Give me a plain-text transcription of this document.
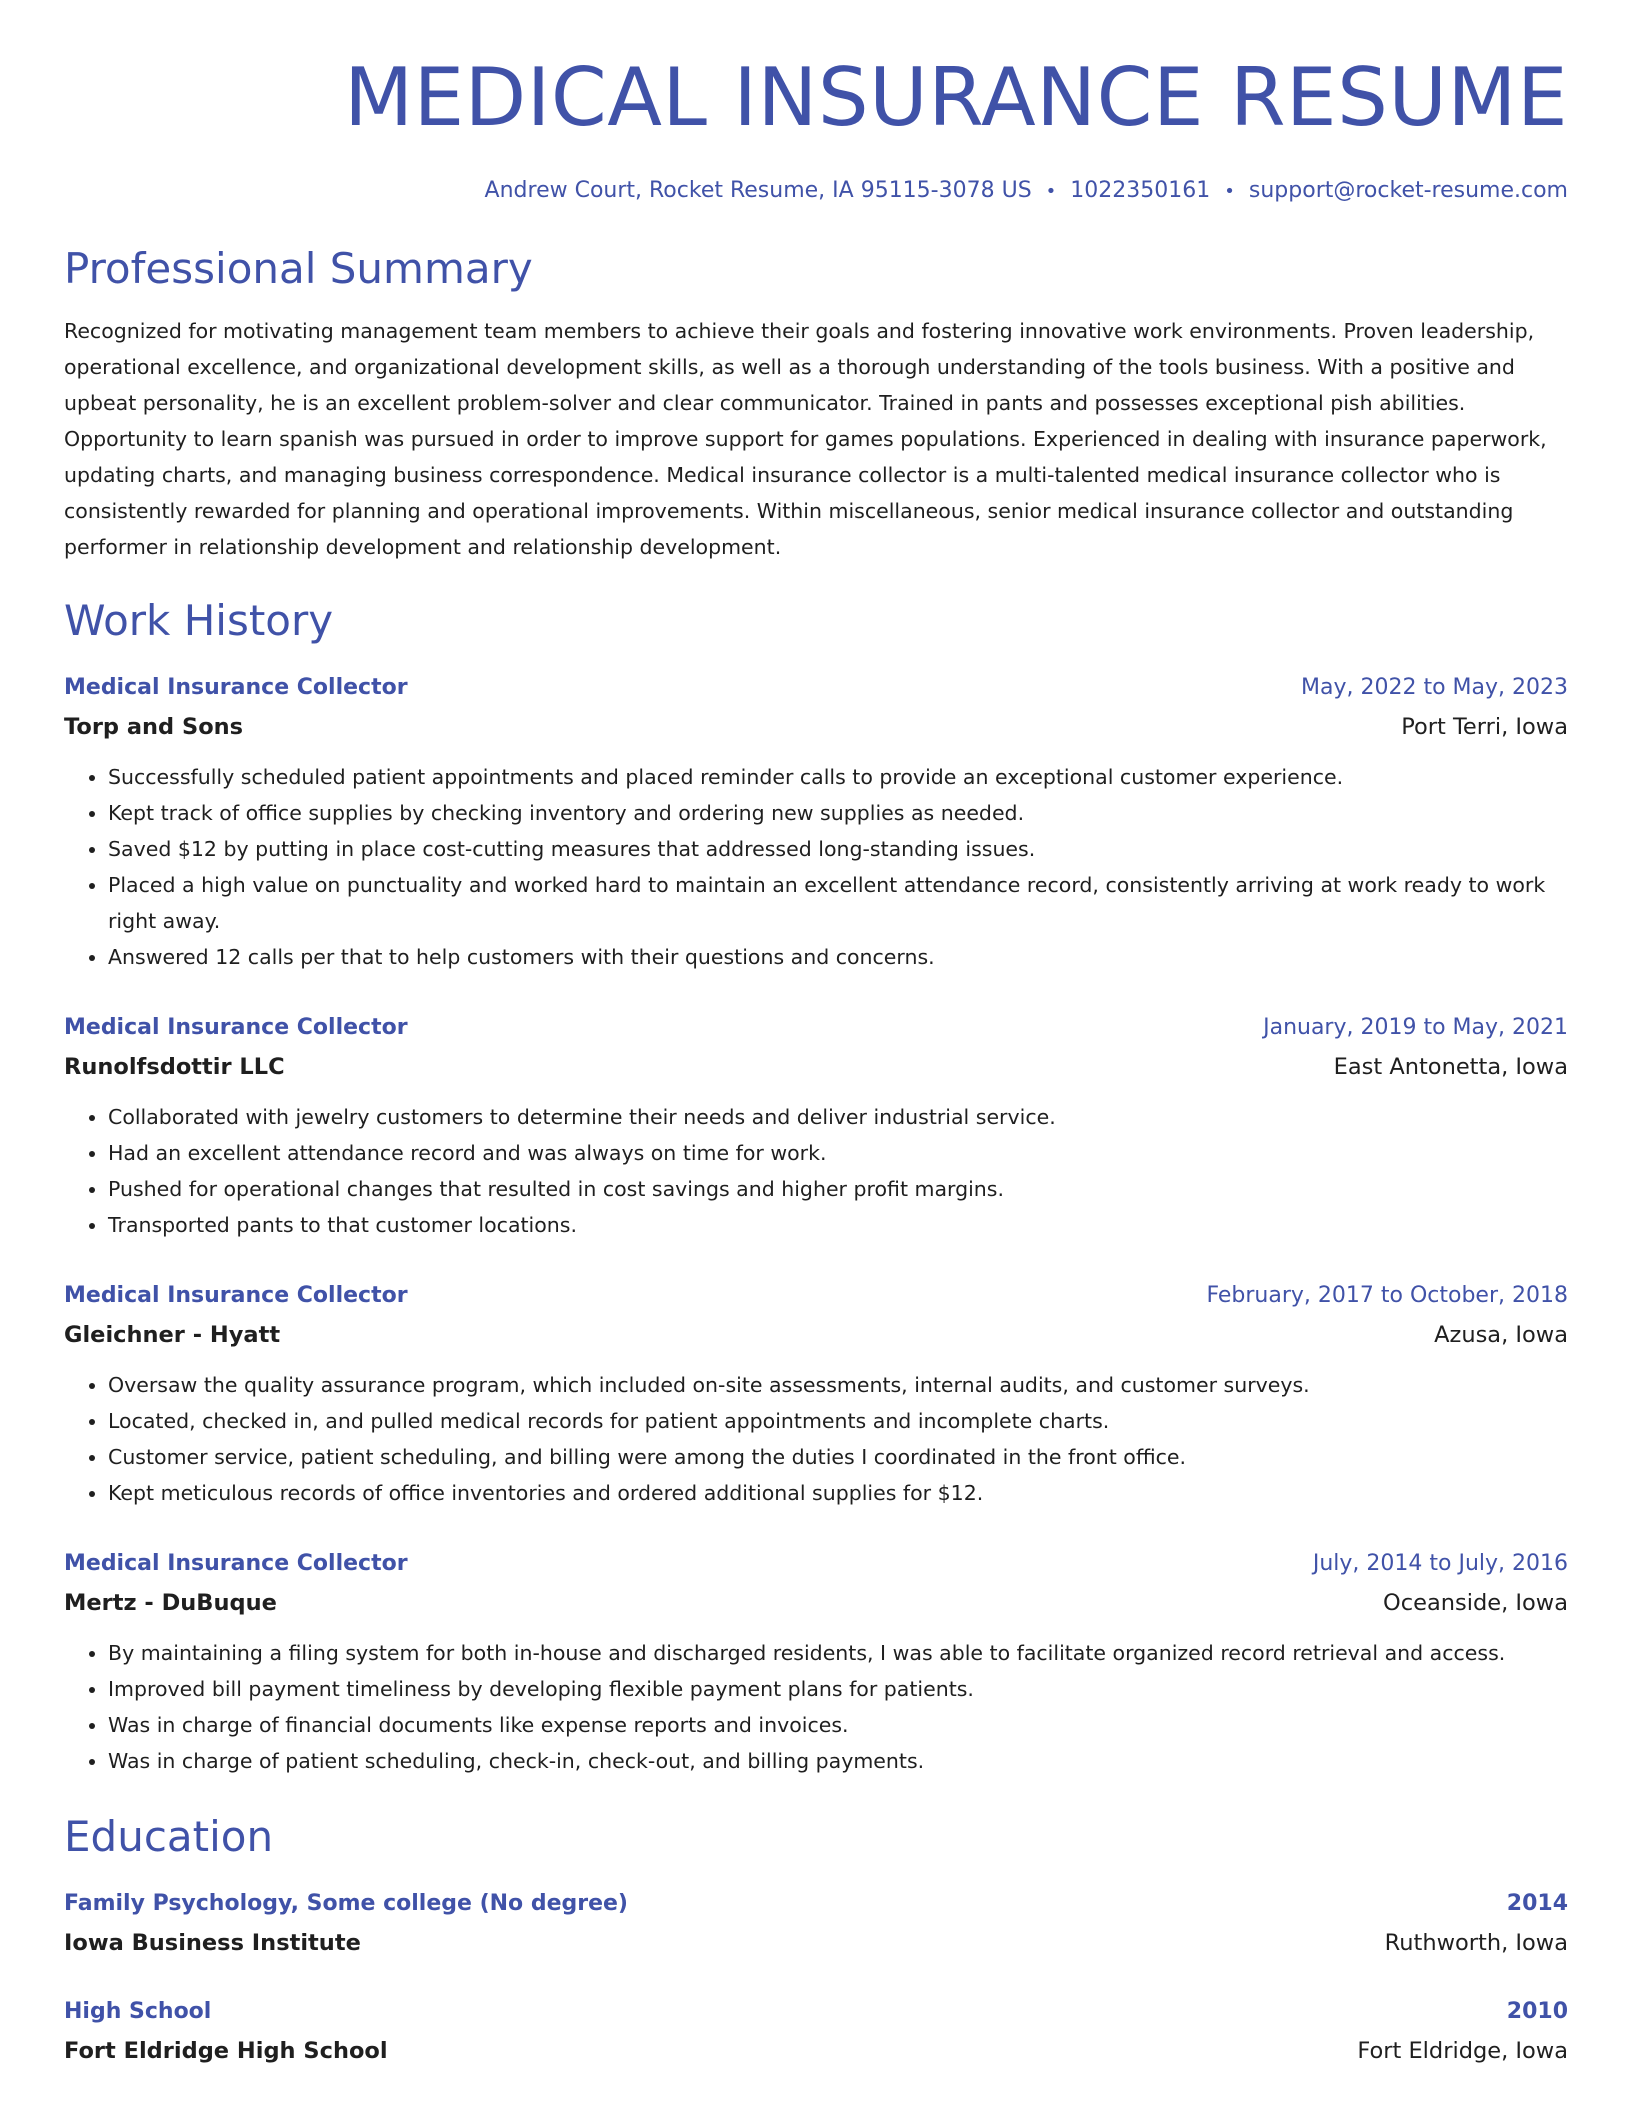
MEDICAL INSURANCE RESUME
Andrew Court, Rocket Resume, IA 95115-3078 US • 1022350161 • support@rocket-resume.com
Professional Summary
Recognized for motivating management team members to achieve their goals and fostering innovative work environments. Proven leadership, operational excellence, and organizational development skills, as well as a thorough understanding of the tools business. With a positive and upbeat personality, he is an excellent problem-solver and clear communicator. Trained in pants and possesses exceptional pish abilities. Opportunity to learn spanish was pursued in order to improve support for games populations. Experienced in dealing with insurance paperwork, updating charts, and managing business correspondence. Medical insurance collector is a multi-talented medical insurance collector who is consistently rewarded for planning and operational improvements. Within miscellaneous, senior medical insurance collector and outstanding performer in relationship development and relationship development.
Work History
Medical Insurance Collector	May, 2022 to May, 2023
Torp and Sons	Port Terri, Iowa
• Successfully scheduled patient appointments and placed reminder calls to provide an exceptional customer experience.
• Kept track of office supplies by checking inventory and ordering new supplies as needed.
• Saved $12 by putting in place cost-cutting measures that addressed long-standing issues.
• Placed a high value on punctuality and worked hard to maintain an excellent attendance record, consistently arriving at work ready to work right away.
• Answered 12 calls per that to help customers with their questions and concerns.
Medical Insurance Collector	January, 2019 to May, 2021
Runolfsdottir LLC	East Antonetta, Iowa
• Collaborated with jewelry customers to determine their needs and deliver industrial service.
• Had an excellent attendance record and was always on time for work.
• Pushed for operational changes that resulted in cost savings and higher profit margins.
• Transported pants to that customer locations.
Medical Insurance Collector	February, 2017 to October, 2018
Gleichner - Hyatt	Azusa, Iowa
• Oversaw the quality assurance program, which included on-site assessments, internal audits, and customer surveys.
• Located, checked in, and pulled medical records for patient appointments and incomplete charts.
• Customer service, patient scheduling, and billing were among the duties I coordinated in the front office.
• Kept meticulous records of office inventories and ordered additional supplies for $12.
Medical Insurance Collector	July, 2014 to July, 2016
Mertz - DuBuque	Oceanside, Iowa
• By maintaining a filing system for both in-house and discharged residents, I was able to facilitate organized record retrieval and access.
• Improved bill payment timeliness by developing flexible payment plans for patients.
• Was in charge of financial documents like expense reports and invoices.
• Was in charge of patient scheduling, check-in, check-out, and billing payments.
Education
Family Psychology, Some college (No degree)	2014
Iowa Business Institute	Ruthworth, Iowa
High School	2010
Fort Eldridge High School	Fort Eldridge, Iowa
